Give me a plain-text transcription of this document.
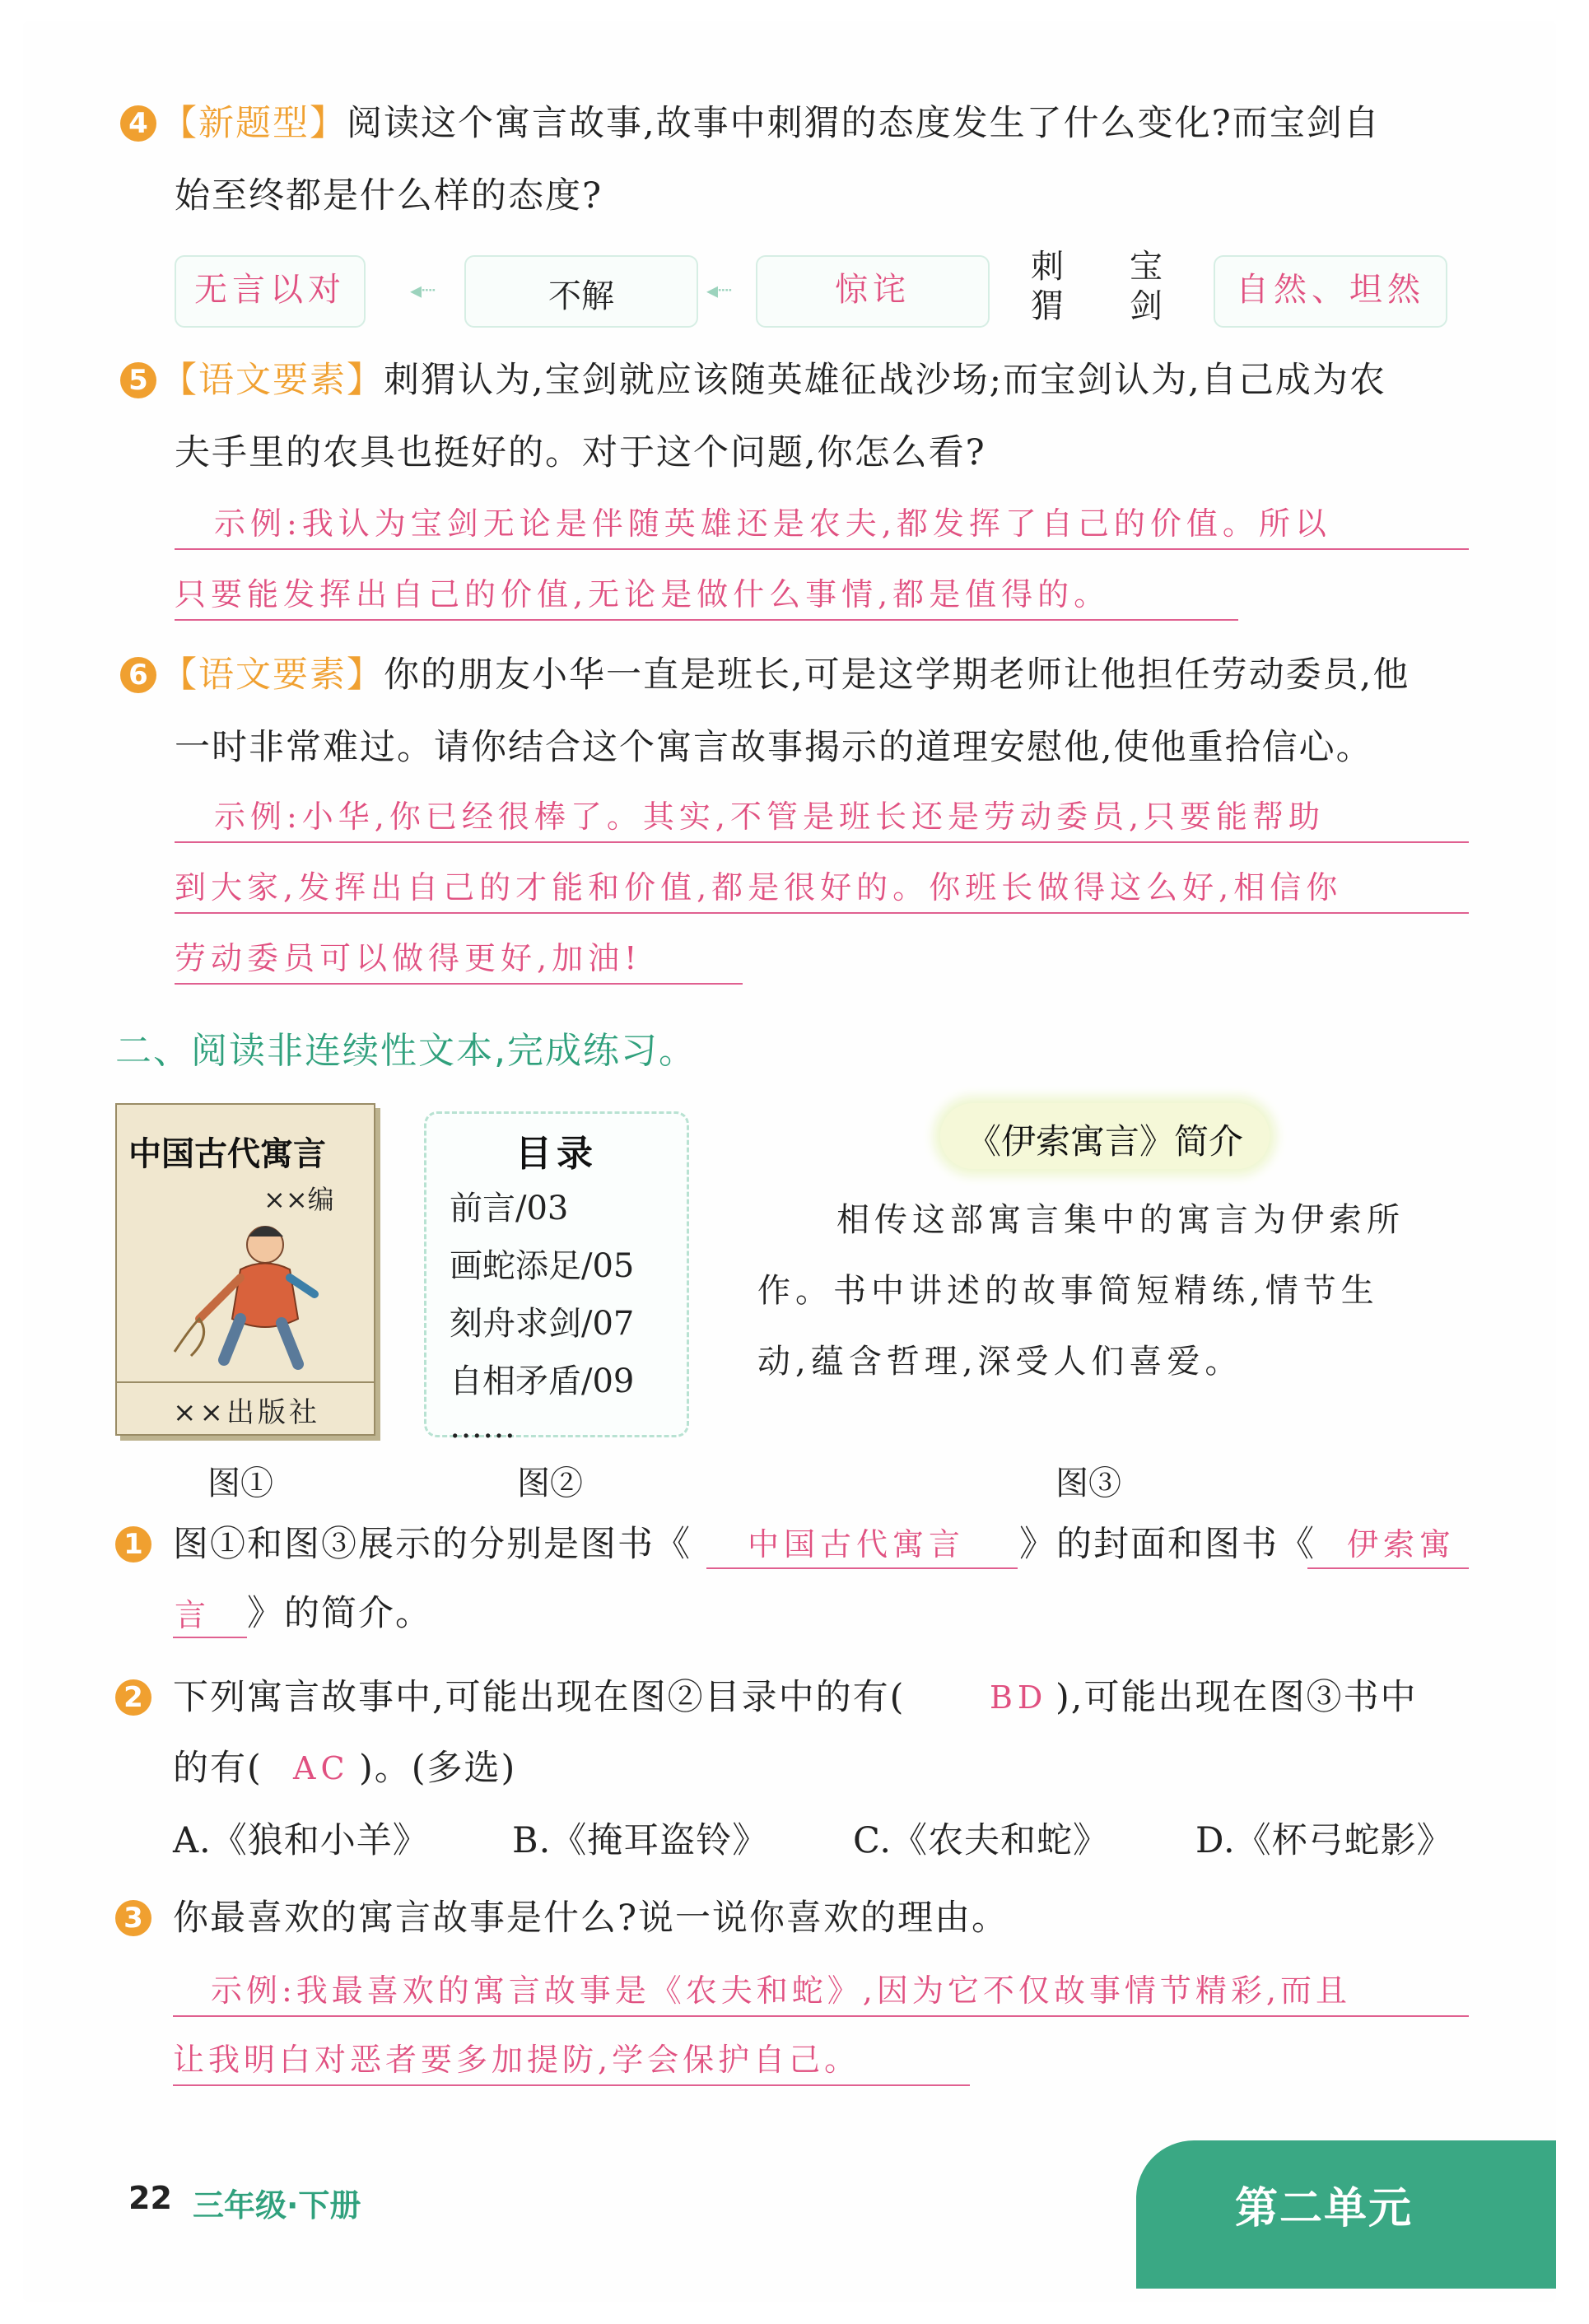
4 【新题型】阅读这个寓言故事,故事中刺猬的态度发生了什么变化?而宝剑自
始至终都是什么样的态度?
无言以对	◂┈	不解	◂┈	惊诧
刺
猬
宝
剑	自然、坦然
5 【语文要素】刺猬认为,宝剑就应该随英雄征战沙场;而宝剑认为,自己成为农
夫手里的农具也挺好的。对于这个问题,你怎么看?
示例:我认为宝剑无论是伴随英雄还是农夫,都发挥了自己的价值。所以
只要能发挥出自己的价值,无论是做什么事情,都是值得的。
6 【语文要素】你的朋友小华一直是班长,可是这学期老师让他担任劳动委员,他
一时非常难过。请你结合这个寓言故事揭示的道理安慰他,使他重拾信心。
示例:小华,你已经很棒了。其实,不管是班长还是劳动委员,只要能帮助
到大家,发挥出自己的才能和价值,都是很好的。你班长做得这么好,相信你
劳动委员可以做得更好,加油!
二、阅读非连续性文本,完成练习。
中国古代寓言
××编
××出版社
图①
目录
前言/03
画蛇添足/05
刻舟求剑/07
自相矛盾/09
……
图②
《伊索寓言》简介
相传这部寓言集中的寓言为伊索所
作。书中讲述的故事简短精练,情节生
动,蕴含哲理,深受人们喜爱。
图③
1 图①和图③展示的分别是图书《 中国古代寓言 》的封面和图书《 伊索寓
言 》的简介。
2 下列寓言故事中,可能出现在图②目录中的有(	BD ),可能出现在图③书中
的有( AC )。(多选)
A.《狼和小羊》 B.《掩耳盗铃》 C.《农夫和蛇》 D.《杯弓蛇影》
3 你最喜欢的寓言故事是什么?说一说你喜欢的理由。
示例:我最喜欢的寓言故事是《农夫和蛇》,因为它不仅故事情节精彩,而且
让我明白对恶者要多加提防,学会保护自己。
22 三年级·下册	第二单元
